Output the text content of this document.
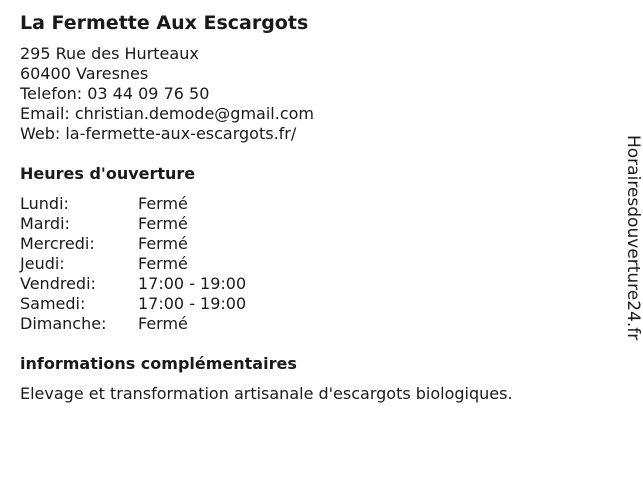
La Fermette Aux Escargots
295 Rue des Hurteaux
60400 Varesnes
Telefon: 03 44 09 76 50
Email: christian.demode@gmail.com
Web: la-fermette-aux-escargots.fr/
Heures d'ouverture
Lundi:	Fermé
Mardi:	Fermé
Mercredi:	Fermé
Jeudi:	Fermé
Vendredi:	17:00 - 19:00
Samedi:	17:00 - 19:00
Dimanche:	Fermé
informations complémentaires
Elevage et transformation artisanale d'escargots biologiques.
Horairesdouverture24.fr
